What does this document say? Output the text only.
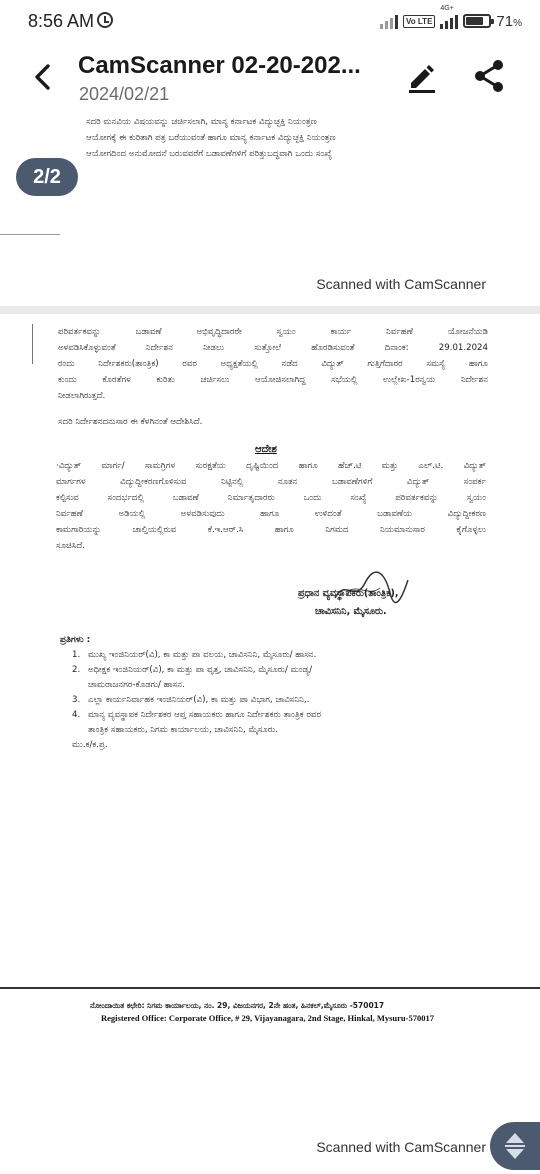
8:56 AM	Vo LTE
4G+
71%
CamScanner 02-20-202...
2024/02/21
ಸದರಿ ಮನವಿಯ ವಿಷಯವನ್ನು ಚರ್ಚಿಸಲಾಗಿ, ಮಾನ್ಯ ಕರ್ನಾಟಕ ವಿದ್ಯುಚ್ಛಕ್ತಿ ನಿಯಂತ್ರಣ
ಆಯೋಗಕ್ಕೆ ಈ ಕುರಿತಾಗಿ ಪತ್ರ ಬರೆಯುವಂತೆ ಹಾಗೂ ಮಾನ್ಯ ಕರ್ನಾಟಕ ವಿದ್ಯುಚ್ಛಕ್ತಿ ನಿಯಂತ್ರಣ
ಆಯೋಗದಿಂದ ಅನುಮೋದನೆ ಬರುವವರೆಗೆ ಬಡಾವಣೆಗಳಿಗೆ ಪರಿತ್ತುಬದ್ಧವಾಗಿ ಒಂದು ಸಂಖ್ಯೆ
Scanned with CamScanner
ಪರಿವರ್ತಕವನ್ನು ಬಡಾವಣೆ ಅಭಿವೃದ್ಧಿದಾರರೇ ಸ್ವಯಂ ಕಾರ್ಯ ನಿರ್ವಹಣೆ ಯೋಜನೆಯಡಿ
ಅಳವಡಿಸಿಕೊಳ್ಳುವಂತೆ ನಿರ್ದೇಶನ ನೀಡಲು ಸುತ್ತೋಲೆ ಹೊರಡಿಸುವಂತೆ ದಿನಾಂಕ: 29.01.2024
ರಂದು ನಿರ್ದೇಶಕರು(ತಾಂತ್ರಿಕ) ರವರ ಅಧ್ಯಕ್ಷತೆಯಲ್ಲಿ ನಡೆದ ವಿದ್ಯುತ್ ಗುತ್ತಿಗೆದಾರರ ಸಮಸ್ಯೆ ಹಾಗೂ
ಕುಂದು ಕೊರತೆಗಳ ಕುರಿತು ಚರ್ಚಿಸಲು ಆಯೋಜಿಸಲಾಗಿದ್ದ ಸಭೆಯಲ್ಲಿ ಉಲ್ಲೇಖ-1ರನ್ವಯ ನಿರ್ದೇಶನ
ನೀಡಲಾಗಿರುತ್ತದೆ.
ಸದರಿ ನಿರ್ದೇಶನದನುಸಾರ ಈ ಕೆಳಗಿನಂತೆ ಆದೇಶಿಸಿದೆ.
ಆದೇಶ
·ವಿದ್ಯುತ್ ಮಾರ್ಗ/ ಸಾಮಗ್ರಿಗಳ ಸುರಕ್ಷತೆಯ ದೃಷ್ಟಿಯಿಂದ ಹಾಗೂ ಹೆಚ್.ಟಿ ಮತ್ತು ಎಲ್.ಟಿ. ವಿದ್ಯುತ್
ಮಾರ್ಗಗಳ ವಿದ್ಯುದ್ದೀಕರಣಗೊಳಿಸುವ ನಿಟ್ಟಿನಲ್ಲಿ ನೂತನ ಬಡಾವಣೆಗಳಿಗೆ ವಿದ್ಯುತ್ ಸಂಪರ್ಕ
ಕಲ್ಪಿಸುವ ಸಂದರ್ಭದಲ್ಲಿ ಬಡಾವಣೆ ನಿರ್ಮಾತೃದಾರರು ಒಂದು ಸಂಖ್ಯೆ ಪರಿವರ್ತಕವನ್ನು ಸ್ವಯಂ
ನಿರ್ವಹಣೆ ಅಡಿಯಲ್ಲಿ ಅಳವಡಿಸುವುದು ಹಾಗೂ ಉಳಿದಂತೆ ಬಡಾವಣೆಯ ವಿದ್ಯುದ್ದೀಕರಣ
ಕಾಮಗಾರಿಯನ್ನು ಚಾಲ್ತಿಯಲ್ಲಿರುವ ಕೆ.ಇ.ಆರ್.ಸಿ ಹಾಗೂ ನಿಗಮದ ನಿಯಮಾನುಸಾರ ಕೈಗೊಳ್ಳಲು
ಸೂಚಿಸಿದೆ.
ಪ್ರಧಾನ ವ್ಯವಸ್ಥಾಪಕರು(ತಾಂತ್ರಿಕ),
ಚಾವಿಸನಿನಿ, ಮೈಸೂರು.
ಪ್ರತಿಗಳು :
1. ಮುಖ್ಯ ಇಂಜಿನಿಯರ್(ವಿ), ಕಾ ಮತ್ತು ಪಾ ವಲಯ, ಚಾವಿಸನಿನಿ, ಮೈಸೂರು/ ಹಾಸನ.
2. ಅಧೀಕ್ಷಕ ಇಂಜಿನಿಯರ್(ವಿ), ಕಾ ಮತ್ತು ಪಾ ವೃತ್ತ, ಚಾವಿಸನಿನಿ, ಮೈಸೂರು/ ಮಂಡ್ಯ/
ಚಾಮರಾಜನಗರ-ಕೊಡಗು/ ಹಾಸನ.
3. ಎಲ್ಲಾ ಕಾರ್ಯನಿರ್ವಾಹಕ ಇಂಜಿನಿಯರ್(ವಿ), ಕಾ ಮತ್ತು ಪಾ ವಿಭಾಗ, ಚಾವಿಸನಿನಿ,.
4. ಮಾನ್ಯ ವ್ಯವಸ್ಥಾಪಕ ನಿರ್ದೇಶಕರ ಆಪ್ತ ಸಹಾಯಕರು ಹಾಗೂ ನಿರ್ದೇಶಕರು ತಾಂತ್ರಿಕ ರವರ
ತಾಂತ್ರಿಕ ಸಹಾಯಕರು, ನಿಗಮ ಕಾರ್ಯಾಲಯ, ಚಾವಿಸನಿನಿ, ಮೈಸೂರು.
ಮು.ಕ/ಕ.ಪ್ರ.
ನೋಂದಾಯಿತ ಕಛೇರಿ: ನಿಗಮ ಕಾರ್ಯಾಲಯ, ನಂ. 29, ವಿಜಯನಗರ, 2ನೇ ಹಂತ, ಹಿನಕಲ್,ಮೈಸೂರು -570017
Registered Office: Corporate Office, # 29, Vijayanagara, 2nd Stage, Hinkal, Mysuru-570017
Scanned with CamScanner
2/2
